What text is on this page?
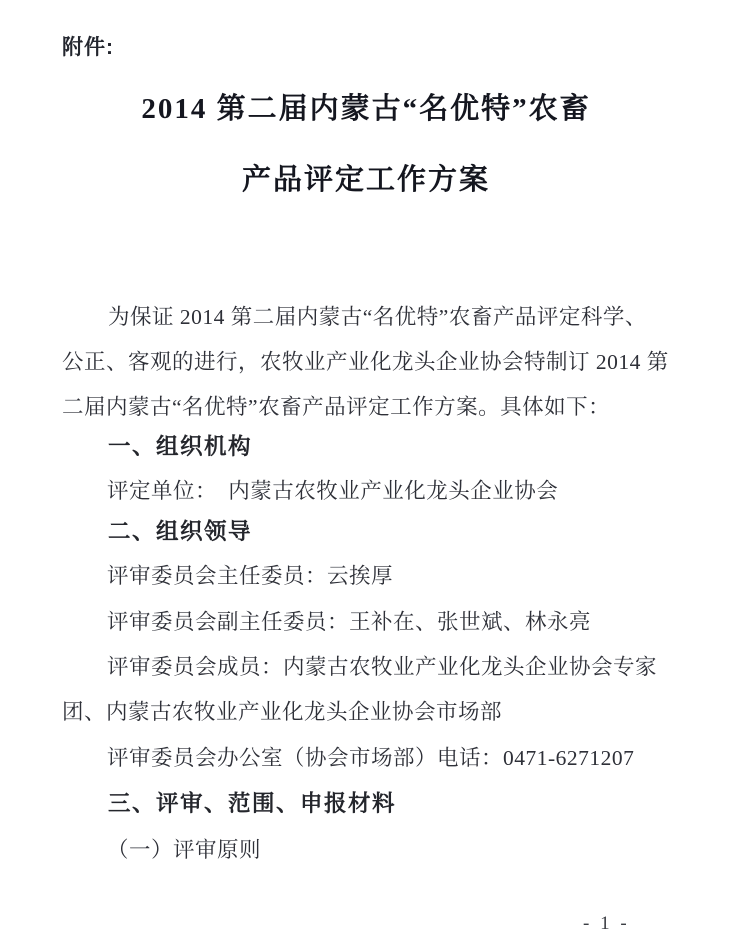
附件:
2014 第二届内蒙古“名优特”农畜
产品评定工作方案
为保证 2014 第二届内蒙古“名优特”农畜产品评定科学、
公正、客观的进行，农牧业产业化龙头企业协会特制订 2014 第
二届内蒙古“名优特”农畜产品评定工作方案。具体如下：
一、组织机构
评定单位：　内蒙古农牧业产业化龙头企业协会
二、组织领导
评审委员会主任委员：云挨厚
评审委员会副主任委员：王补在、张世斌、林永亮
评审委员会成员：内蒙古农牧业产业化龙头企业协会专家
团、内蒙古农牧业产业化龙头企业协会市场部
评审委员会办公室（协会市场部）电话：0471-6271207
三、评审、范围、申报材料
（一）评审原则
- 1 -
